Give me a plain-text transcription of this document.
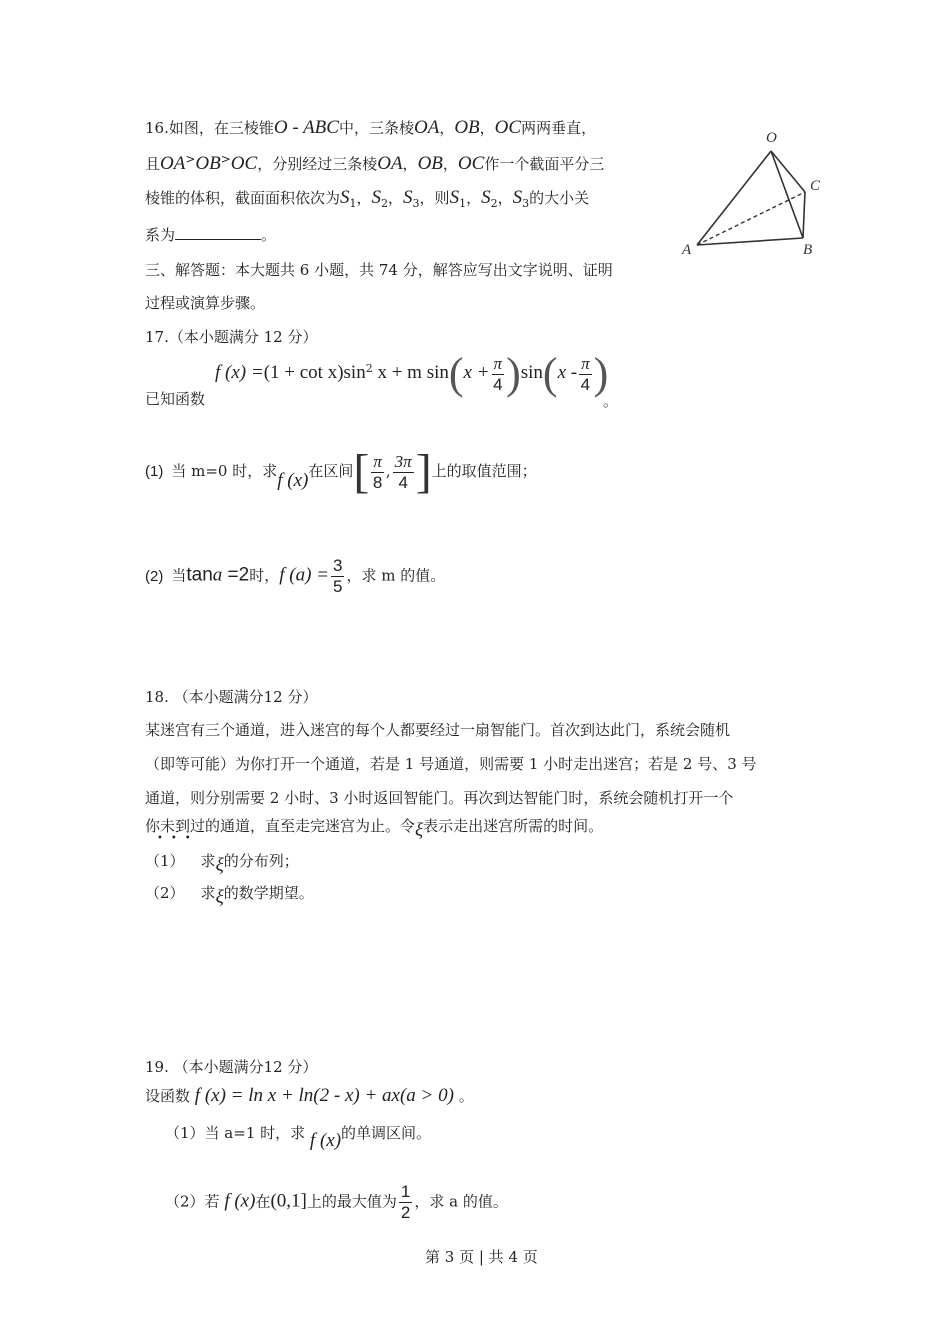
16.如图，在三棱锥O - ABC中，三条棱OA，OB，OC两两垂直，
且OA>OB>OC，分别经过三条棱OA，OB，OC作一个截面平分三
棱锥的体积，截面面积依次为$S_1$，$S_2$，$S_3$，则$S_1$，$S_2$，$S_3$的大小关
系为	。
O
C
A	B
三、解答题：本大题共 6 小题，共 74 分，解答应写出文字说明、证明
过程或演算步骤。
17.（本小题满分 12 分）
f $(x) =(1 + \cot x)\sin^2$ x + m $\sin(x + \frac{\pi}{4} )\sin(x - \frac{\pi}{4}$ )
已知函数	。
(1) 当 m=0 时，求f (x)在区间[ $\frac{\pi}{8}$ , $\frac{3\pi}{4}$ ]上的取值范围；
(2) 当tana =2时，f $(a) = \frac{3}{5}$ ，求 m 的值。
18. （本小题满分12 分）
某迷宫有三个通道，进入迷宫的每个人都要经过一扇智能门。首次到达此门，系统会随机
（即等可能）为你打开一个通道，若是 1 号通道，则需要 1 小时走出迷宫；若是 2 号、3 号
通道，则分别需要 2 小时、3 小时返回智能门。再次到达智能门时，系统会随机打开一个
你未到过的通道，直至走完迷宫为止。令ξ表示走出迷宫所需的时间。
•••
（1） 求ξ的分布列；
（2） 求ξ的数学期望。
19. （本小题满分12 分）
设函数 f (x) = ln x + ln(2 - x) + ax(a > 0) 。
（1）当 a=1 时，求 f (x)的单调区间。
（2）若 f (x)在(0,1]上的最大值为 $\frac{1}{2}$ ，求 a 的值。
第 3 页 | 共 4 页
